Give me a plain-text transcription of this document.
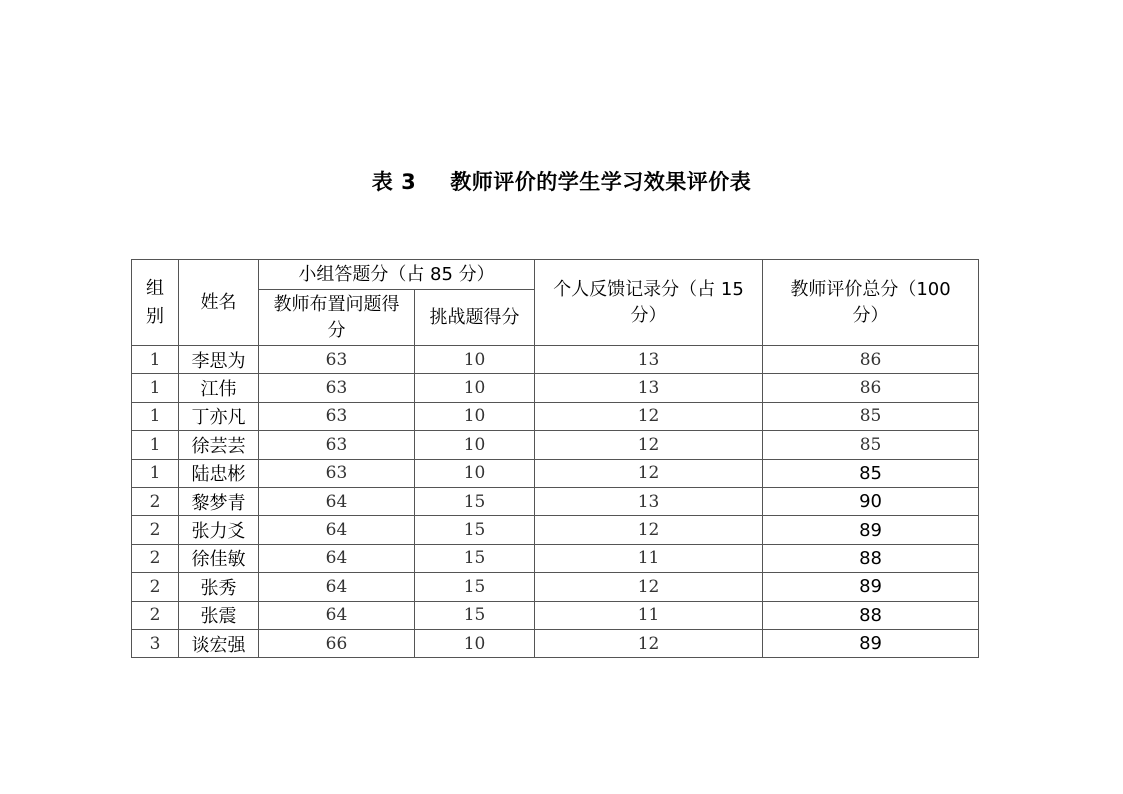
表 3 教师评价的学生学习效果评价表
组别	姓名	小组答题分（占 85 分）		个人反馈记录分（占 15 分）	教师评价总分（100 分）

		教师布置问题得分	挑战题得分		

1	李思为	63	10	13	86
1	江伟	63	10	13	86
1	丁亦凡	63	10	12	85
1	徐芸芸	63	10	12	85
1	陆忠彬	63	10	12	85
2	黎梦青	64	15	13	90
2	张力爻	64	15	12	89
2	徐佳敏	64	15	11	88
2	张秀	64	15	12	89
2	张震	64	15	11	88
3	谈宏强	66	10	12	89
